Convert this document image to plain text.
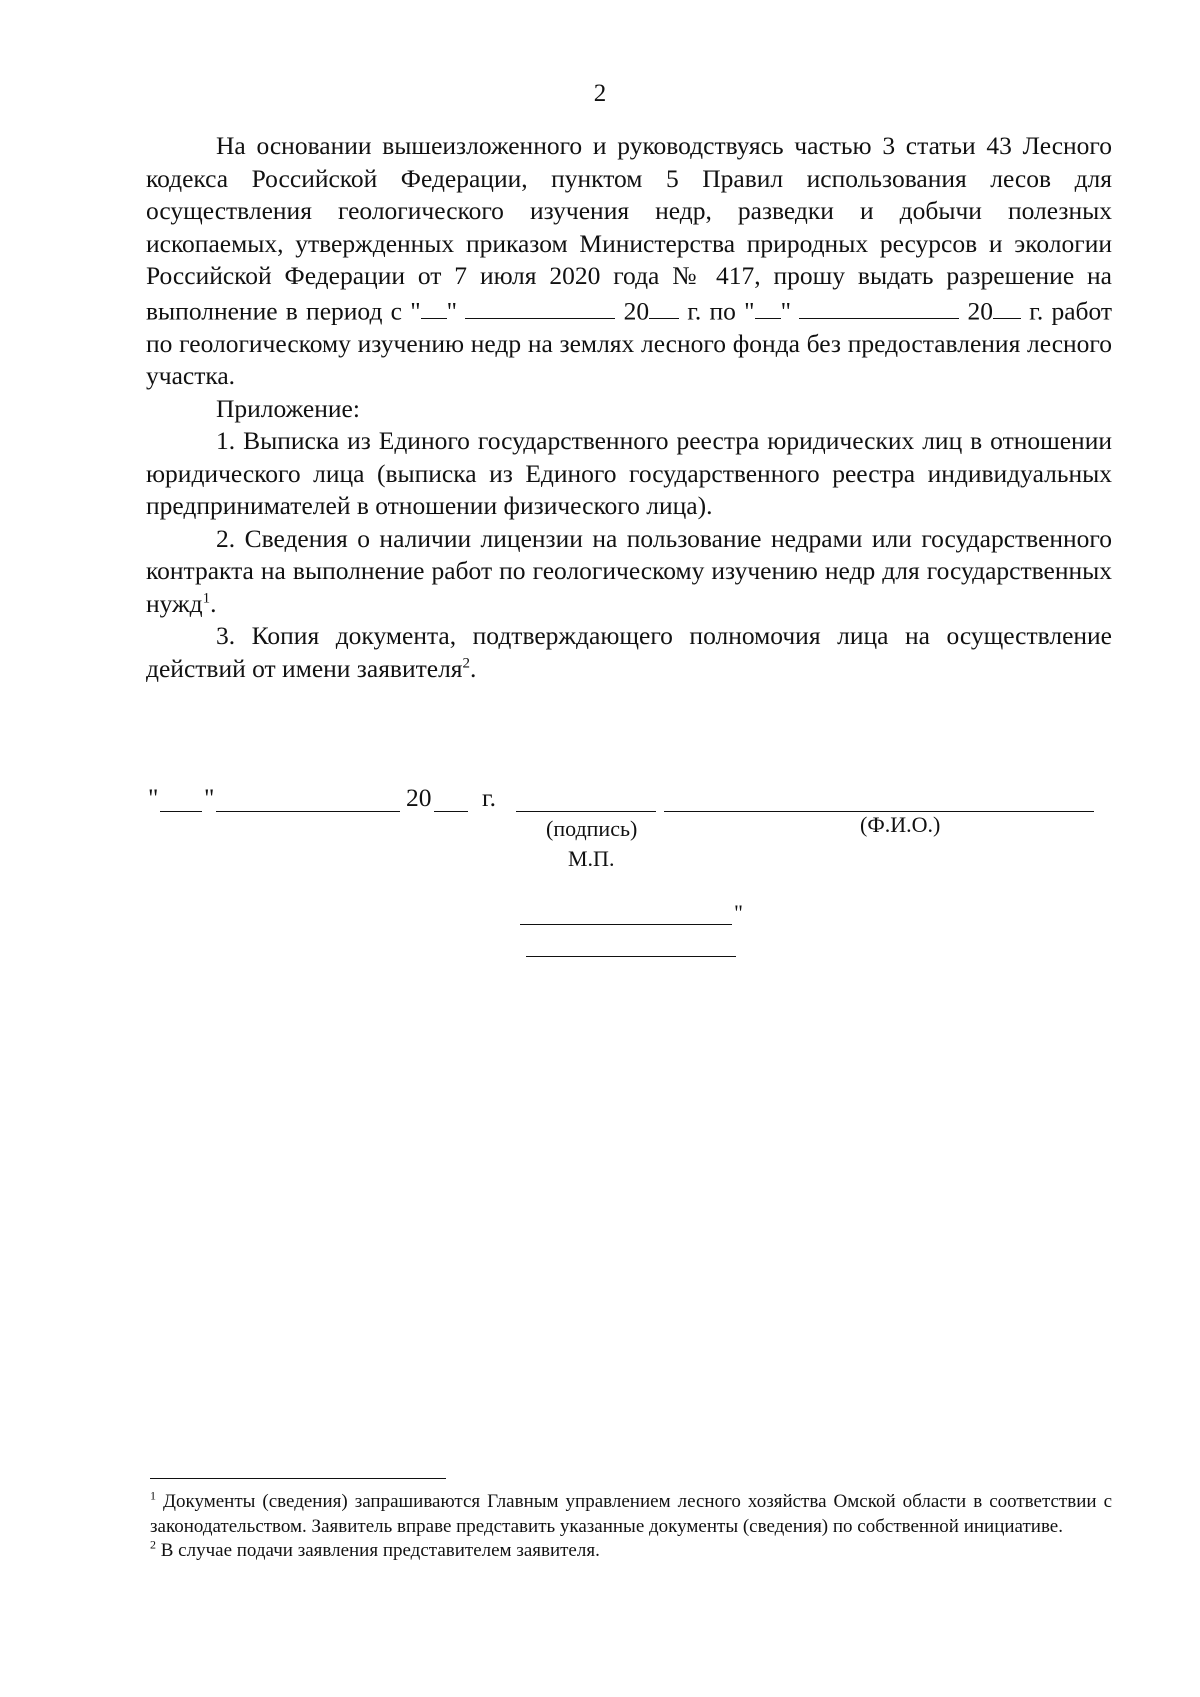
2

На основании вышеизложенного и руководствуясь частью 3 статьи 43 Лесного кодекса Российской Федерации, пунктом 5 Правил использования лесов для осуществления геологического изучения недр, разведки и добычи полезных ископаемых, утвержденных приказом Министерства природных ресурсов и экологии Российской Федерации от 7 июля 2020 года № 417, прошу выдать разрешение на выполнение в период с " "	20 г. по " "	20 г. работ по геологическому изучению недр на землях лесного фонда без предоставления лесного участка.

Приложение:

1. Выписка из Единого государственного реестра юридических лиц в отношении юридического лица (выписка из Единого государственного реестра индивидуальных предпринимателей в отношении физического лица).

2. Сведения о наличии лицензии на пользование недрами или государственного контракта на выполнение работ по геологическому изучению недр для государственных нужд$^1$.

3. Копия документа, подтверждающего полномочия лица на осуществление действий от имени заявителя$^2$.

" "	20 г.
(подпись)	(Ф.И.О.)
М.П.
"

$^1$ Документы (сведения) запрашиваются Главным управлением лесного хозяйства Омской области в соответствии с законодательством. Заявитель вправе представить указанные документы (сведения) по собственной инициативе.

$^2$ В случае подачи заявления представителем заявителя.
